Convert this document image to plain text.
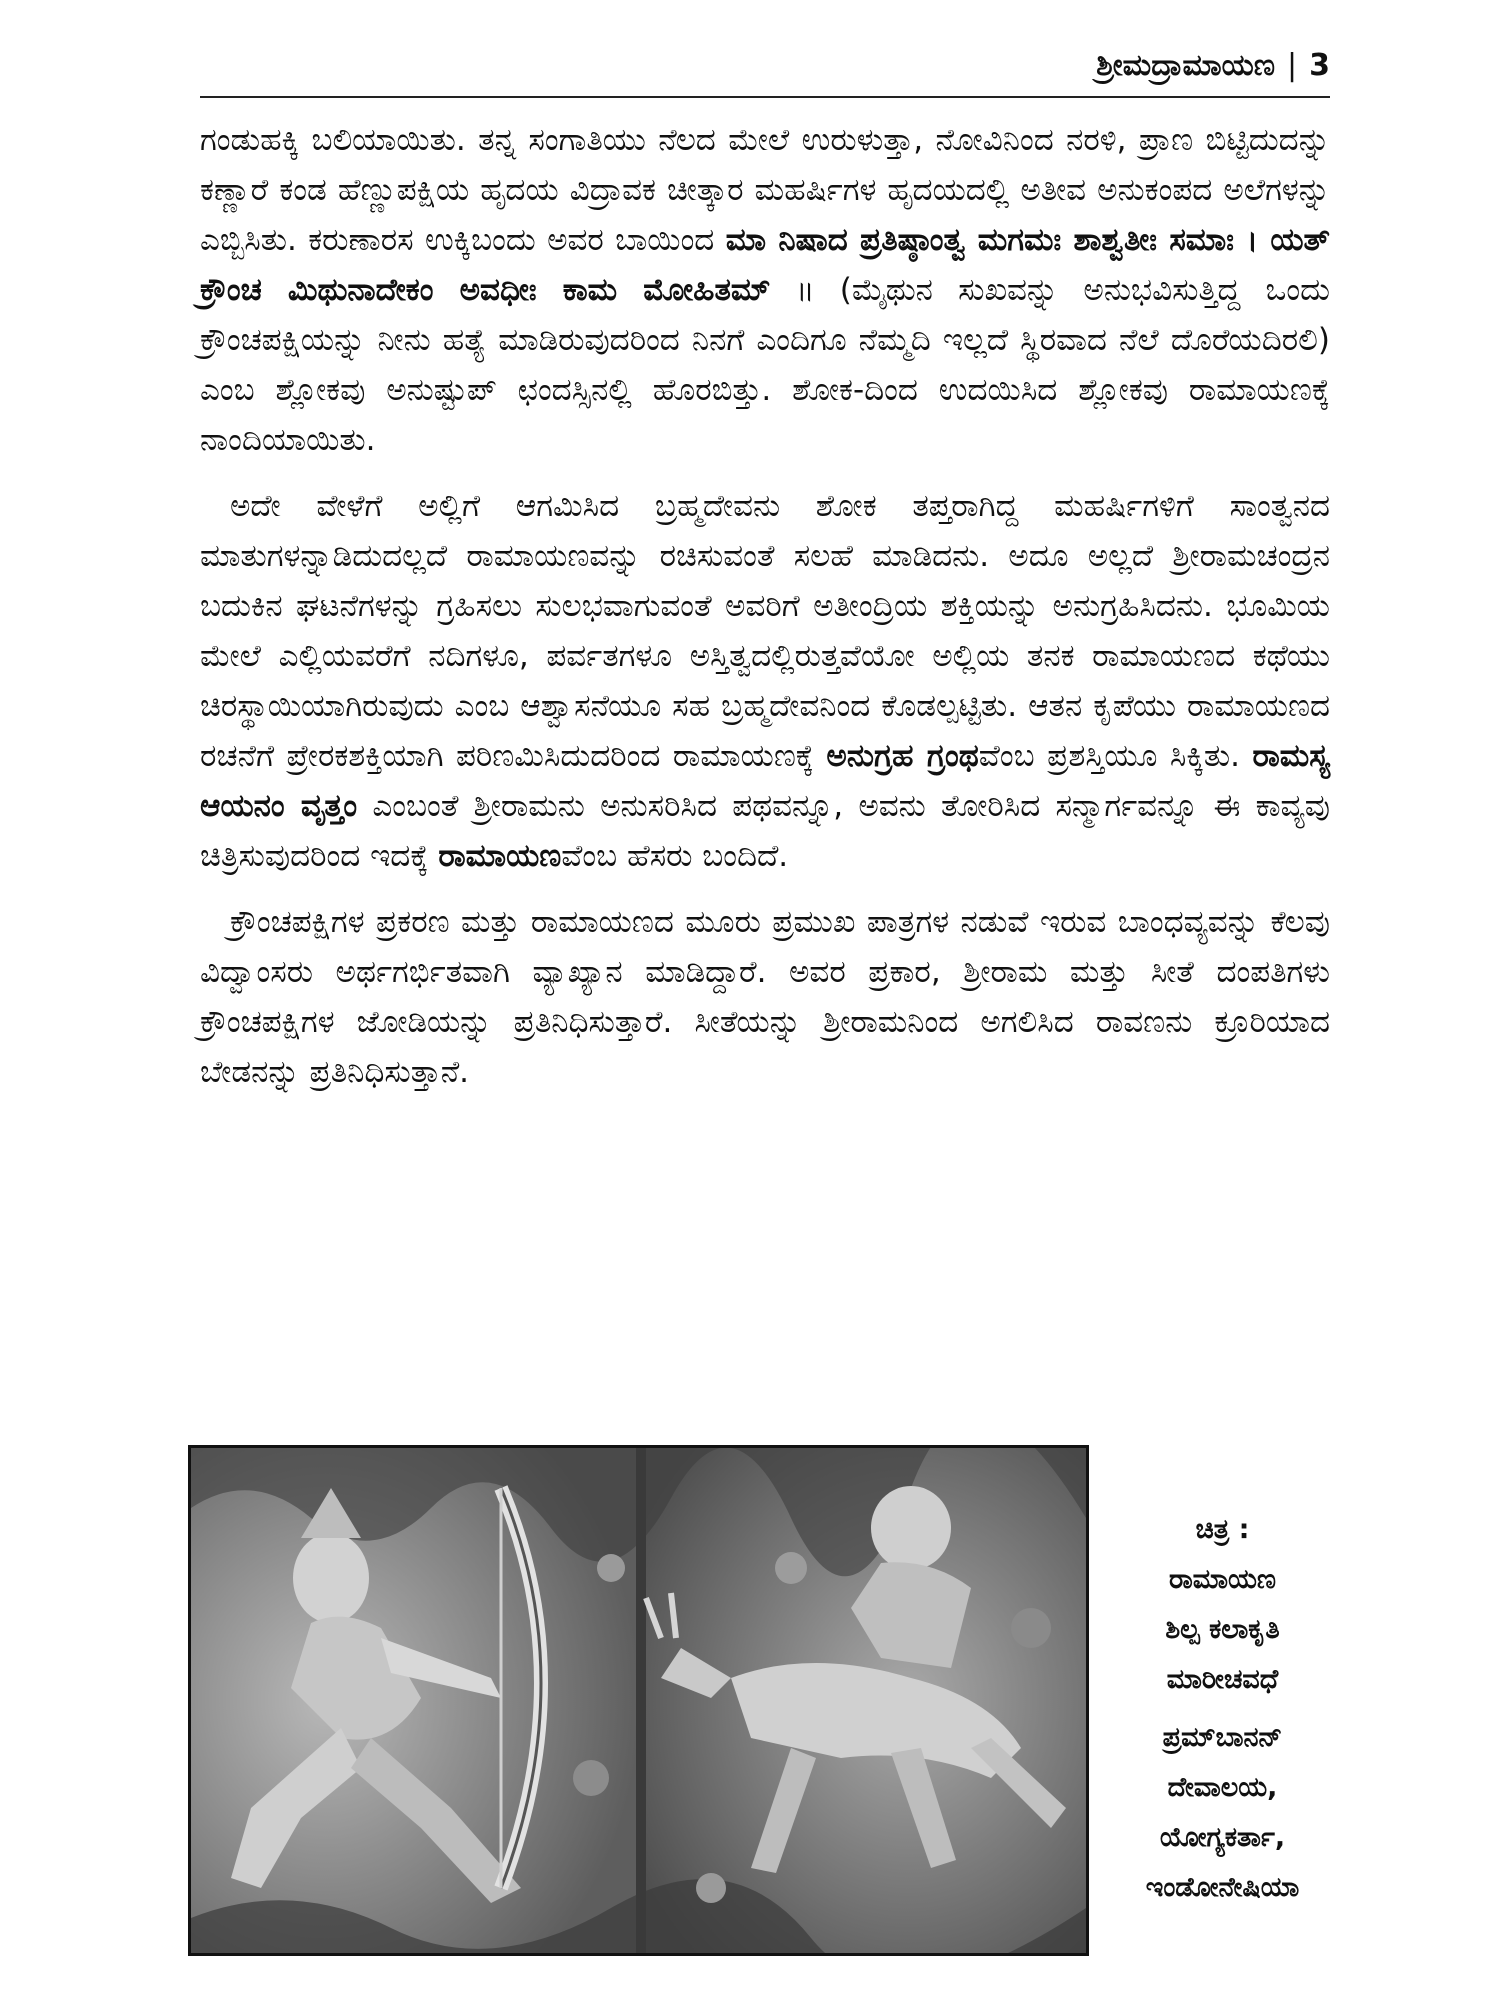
ಶ್ರೀಮದ್ರಾಮಾಯಣ | 3

ಗಂಡುಹಕ್ಕಿ ಬಲಿಯಾಯಿತು. ತನ್ನ ಸಂಗಾತಿಯು ನೆಲದ ಮೇಲೆ ಉರುಳುತ್ತಾ, ನೋವಿನಿಂದ ನರಳಿ, ಪ್ರಾಣ ಬಿಟ್ಟಿದುದನ್ನು ಕಣ್ಣಾರೆ ಕಂಡ ಹೆಣ್ಣುಪಕ್ಷಿಯ ಹೃದಯ ವಿದ್ರಾವಕ ಚೀತ್ಕಾರ ಮಹರ್ಷಿಗಳ ಹೃದಯದಲ್ಲಿ ಅತೀವ ಅನುಕಂಪದ ಅಲೆಗಳನ್ನು ಎಬ್ಬಿಸಿತು. ಕರುಣಾರಸ ಉಕ್ಕಿಬಂದು ಅವರ ಬಾಯಿಂದ ಮಾ ನಿಷಾದ ಪ್ರತಿಷ್ಠಾಂತ್ವ ಮಗಮಃ ಶಾಶ್ವತೀಃ ಸಮಾಃ । ಯತ್ ಕ್ರೌಂಚ ಮಿಥುನಾದೇಕಂ ಅವಧೀಃ ಕಾಮ ಮೋಹಿತಮ್ ॥ (ಮೈಥುನ ಸುಖವನ್ನು ಅನುಭವಿಸುತ್ತಿದ್ದ ಒಂದು ಕ್ರೌಂಚಪಕ್ಷಿಯನ್ನು ನೀನು ಹತ್ಯೆ ಮಾಡಿರುವುದರಿಂದ ನಿನಗೆ ಎಂದಿಗೂ ನೆಮ್ಮದಿ ಇಲ್ಲದೆ ಸ್ಥಿರವಾದ ನೆಲೆ ದೊರೆಯದಿರಲಿ) ಎಂಬ ಶ್ಲೋಕವು ಅನುಷ್ಟುಪ್ ಛಂದಸ್ಸಿನಲ್ಲಿ ಹೊರಬಿತ್ತು. ಶೋಕ-ದಿಂದ ಉದಯಿಸಿದ ಶ್ಲೋಕವು ರಾಮಾಯಣಕ್ಕೆ ನಾಂದಿಯಾಯಿತು.

ಅದೇ ವೇಳೆಗೆ ಅಲ್ಲಿಗೆ ಆಗಮಿಸಿದ ಬ್ರಹ್ಮದೇವನು ಶೋಕ ತಪ್ತರಾಗಿದ್ದ ಮಹರ್ಷಿಗಳಿಗೆ ಸಾಂತ್ವನದ ಮಾತುಗಳನ್ನಾಡಿದುದಲ್ಲದೆ ರಾಮಾಯಣವನ್ನು ರಚಿಸುವಂತೆ ಸಲಹೆ ಮಾಡಿದನು. ಅದೂ ಅಲ್ಲದೆ ಶ್ರೀರಾಮಚಂದ್ರನ ಬದುಕಿನ ಘಟನೆಗಳನ್ನು ಗ್ರಹಿಸಲು ಸುಲಭವಾಗುವಂತೆ ಅವರಿಗೆ ಅತೀಂದ್ರಿಯ ಶಕ್ತಿಯನ್ನು ಅನುಗ್ರಹಿಸಿದನು. ಭೂಮಿಯ ಮೇಲೆ ಎಲ್ಲಿಯವರೆಗೆ ನದಿಗಳೂ, ಪರ್ವತಗಳೂ ಅಸ್ತಿತ್ವದಲ್ಲಿರುತ್ತವೆಯೋ ಅಲ್ಲಿಯ ತನಕ ರಾಮಾಯಣದ ಕಥೆಯು ಚಿರಸ್ಥಾಯಿಯಾಗಿರುವುದು ಎಂಬ ಆಶ್ವಾಸನೆಯೂ ಸಹ ಬ್ರಹ್ಮದೇವನಿಂದ ಕೊಡಲ್ಪಟ್ಟಿತು. ಆತನ ಕೃಪೆಯು ರಾಮಾಯಣದ ರಚನೆಗೆ ಪ್ರೇರಕಶಕ್ತಿಯಾಗಿ ಪರಿಣಮಿಸಿದುದರಿಂದ ರಾಮಾಯಣಕ್ಕೆ ಅನುಗ್ರಹ ಗ್ರಂಥವೆಂಬ ಪ್ರಶಸ್ತಿಯೂ ಸಿಕ್ಕಿತು. ರಾಮಸ್ಯ ಆಯನಂ ವೃತ್ತಂ ಎಂಬಂತೆ ಶ್ರೀರಾಮನು ಅನುಸರಿಸಿದ ಪಥವನ್ನೂ, ಅವನು ತೋರಿಸಿದ ಸನ್ಮಾರ್ಗವನ್ನೂ ಈ ಕಾವ್ಯವು ಚಿತ್ರಿಸುವುದರಿಂದ ಇದಕ್ಕೆ ರಾಮಾಯಣವೆಂಬ ಹೆಸರು ಬಂದಿದೆ.

ಕ್ರೌಂಚಪಕ್ಷಿಗಳ ಪ್ರಕರಣ ಮತ್ತು ರಾಮಾಯಣದ ಮೂರು ಪ್ರಮುಖ ಪಾತ್ರಗಳ ನಡುವೆ ಇರುವ ಬಾಂಧವ್ಯವನ್ನು ಕೆಲವು ವಿದ್ವಾಂಸರು ಅರ್ಥಗರ್ಭಿತವಾಗಿ ವ್ಯಾಖ್ಯಾನ ಮಾಡಿದ್ದಾರೆ. ಅವರ ಪ್ರಕಾರ, ಶ್ರೀರಾಮ ಮತ್ತು ಸೀತೆ ದಂಪತಿಗಳು ಕ್ರೌಂಚಪಕ್ಷಿಗಳ ಜೋಡಿಯನ್ನು ಪ್ರತಿನಿಧಿಸುತ್ತಾರೆ. ಸೀತೆಯನ್ನು ಶ್ರೀರಾಮನಿಂದ ಅಗಲಿಸಿದ ರಾವಣನು ಕ್ರೂರಿಯಾದ ಬೇಡನನ್ನು ಪ್ರತಿನಿಧಿಸುತ್ತಾನೆ.

ಚಿತ್ರ :
ರಾಮಾಯಣ
ಶಿಲ್ಪ ಕಲಾಕೃತಿ
ಮಾರೀಚವಧೆ
ಪ್ರಮ್‌ಬಾನನ್
ದೇವಾಲಯ,
ಯೋಗ್ಯಕರ್ತಾ,
ಇಂಡೋನೇಷಿಯಾ
